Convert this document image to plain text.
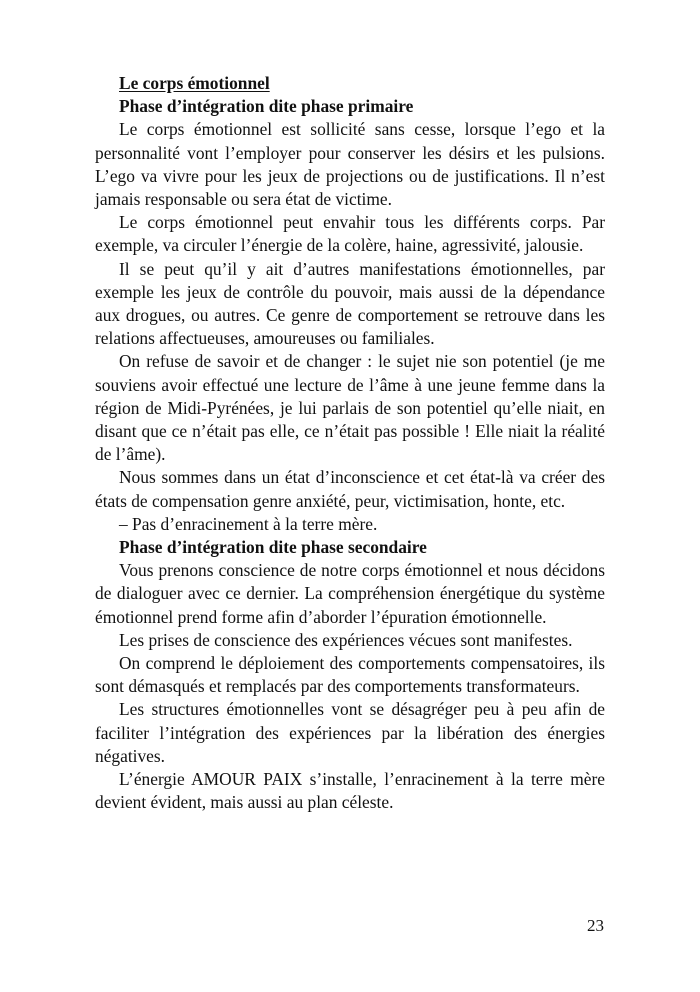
Le corps émotionnel
Phase d’intégration dite phase primaire

Le corps émotionnel est sollicité sans cesse, lorsque l’ego et la personnalité vont l’employer pour conserver les désirs et les pulsions. L’ego va vivre pour les jeux de projections ou de justifications. Il n’est jamais responsable ou sera état de victime.

Le corps émotionnel peut envahir tous les différents corps. Par exemple, va circuler l’énergie de la colère, haine, agressivité, jalousie.

Il se peut qu’il y ait d’autres manifestations émotionnelles, par exemple les jeux de contrôle du pouvoir, mais aussi de la dépendance aux drogues, ou autres. Ce genre de comportement se retrouve dans les relations affectueuses, amoureuses ou familiales.

On refuse de savoir et de changer : le sujet nie son potentiel (je me souviens avoir effectué une lecture de l’âme à une jeune femme dans la région de Midi-Pyrénées, je lui parlais de son potentiel qu’elle niait, en disant que ce n’était pas elle, ce n’était pas possible ! Elle niait la réalité de l’âme).

Nous sommes dans un état d’inconscience et cet état-là va créer des états de compensation genre anxiété, peur, victimisation, honte, etc.

– Pas d’enracinement à la terre mère.

Phase d’intégration dite phase secondaire

Vous prenons conscience de notre corps émotionnel et nous décidons de dialoguer avec ce dernier. La compréhension énergétique du système émotionnel prend forme afin d’aborder l’épuration émotionnelle.

Les prises de conscience des expériences vécues sont manifestes.

On comprend le déploiement des comportements compensatoires, ils sont démasqués et remplacés par des comportements transformateurs.

Les structures émotionnelles vont se désagréger peu à peu afin de faciliter l’intégration des expériences par la libération des énergies négatives.

L’énergie AMOUR PAIX s’installe, l’enracinement à la terre mère devient évident, mais aussi au plan céleste.

23
